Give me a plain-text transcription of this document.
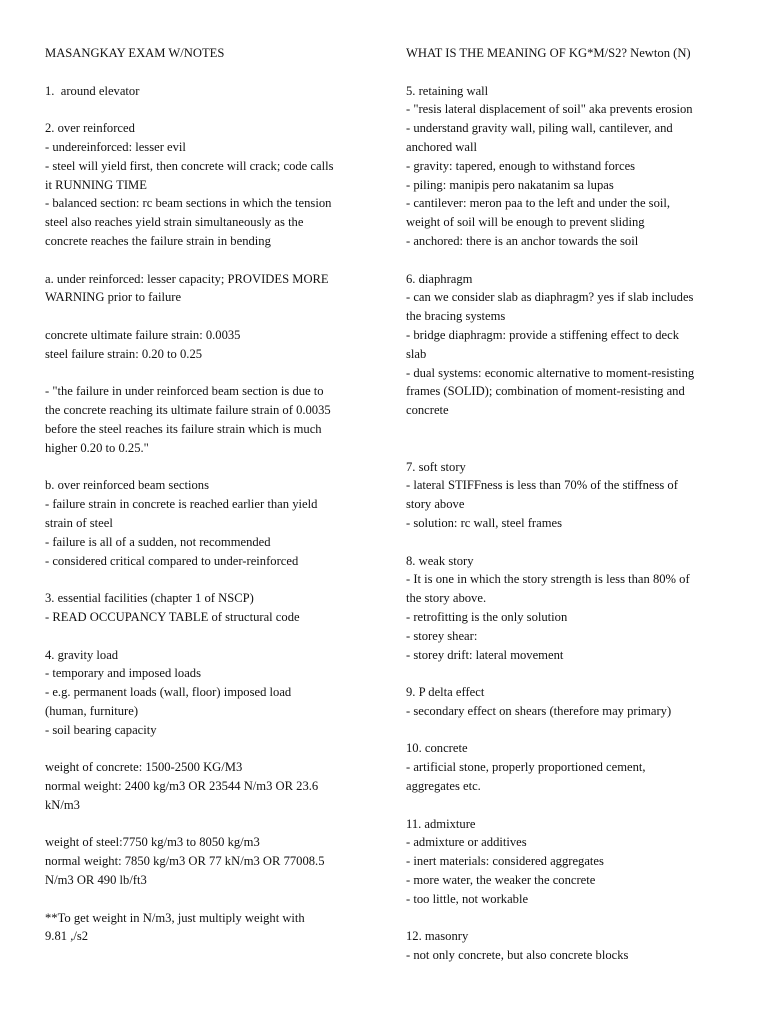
MASANGKAY EXAM W/NOTES

1.  around elevator

2. over reinforced

- undereinforced: lesser evil

- steel will yield first, then concrete will crack; code calls

it RUNNING TIME

- balanced section: rc beam sections in which the tension

steel also reaches yield strain simultaneously as the

concrete reaches the failure strain in bending

a. under reinforced: lesser capacity; PROVIDES MORE

WARNING prior to failure

concrete ultimate failure strain: 0.0035

steel failure strain: 0.20 to 0.25

- "the failure in under reinforced beam section is due to

the concrete reaching its ultimate failure strain of 0.0035

before the steel reaches its failure strain which is much

higher 0.20 to 0.25."

b. over reinforced beam sections

- failure strain in concrete is reached earlier than yield

strain of steel

- failure is all of a sudden, not recommended

- considered critical compared to under-reinforced

3. essential facilities (chapter 1 of NSCP)

- READ OCCUPANCY TABLE of structural code

4. gravity load

- temporary and imposed loads

- e.g. permanent loads (wall, floor) imposed load

(human, furniture)

- soil bearing capacity

weight of concrete: 1500-2500 KG/M3

normal weight: 2400 kg/m3 OR 23544 N/m3 OR 23.6

kN/m3

weight of steel:7750 kg/m3 to 8050 kg/m3

normal weight: 7850 kg/m3 OR 77 kN/m3 OR 77008.5

N/m3 OR 490 lb/ft3

**To get weight in N/m3, just multiply weight with

9.81 ,/s2

WHAT IS THE MEANING OF KG*M/S2? Newton (N)

5. retaining wall

- "resis lateral displacement of soil" aka prevents erosion

- understand gravity wall, piling wall, cantilever, and

anchored wall

- gravity: tapered, enough to withstand forces

- piling: manipis pero nakatanim sa lupas

- cantilever: meron paa to the left and under the soil,

weight of soil will be enough to prevent sliding

- anchored: there is an anchor towards the soil

6. diaphragm

- can we consider slab as diaphragm? yes if slab includes

the bracing systems

- bridge diaphragm: provide a stiffening effect to deck

slab

- dual systems: economic alternative to moment-resisting

frames (SOLID); combination of moment-resisting and

concrete

7. soft story

- lateral STIFFness is less than 70% of the stiffness of

story above

- solution: rc wall, steel frames

8. weak story

- It is one in which the story strength is less than 80% of

the story above.

- retrofitting is the only solution

- storey shear:

- storey drift: lateral movement

9. P delta effect

- secondary effect on shears (therefore may primary)

10. concrete

- artificial stone, properly proportioned cement,

aggregates etc.

11. admixture

- admixture or additives

- inert materials: considered aggregates

- more water, the weaker the concrete

- too little, not workable

12. masonry

- not only concrete, but also concrete blocks
